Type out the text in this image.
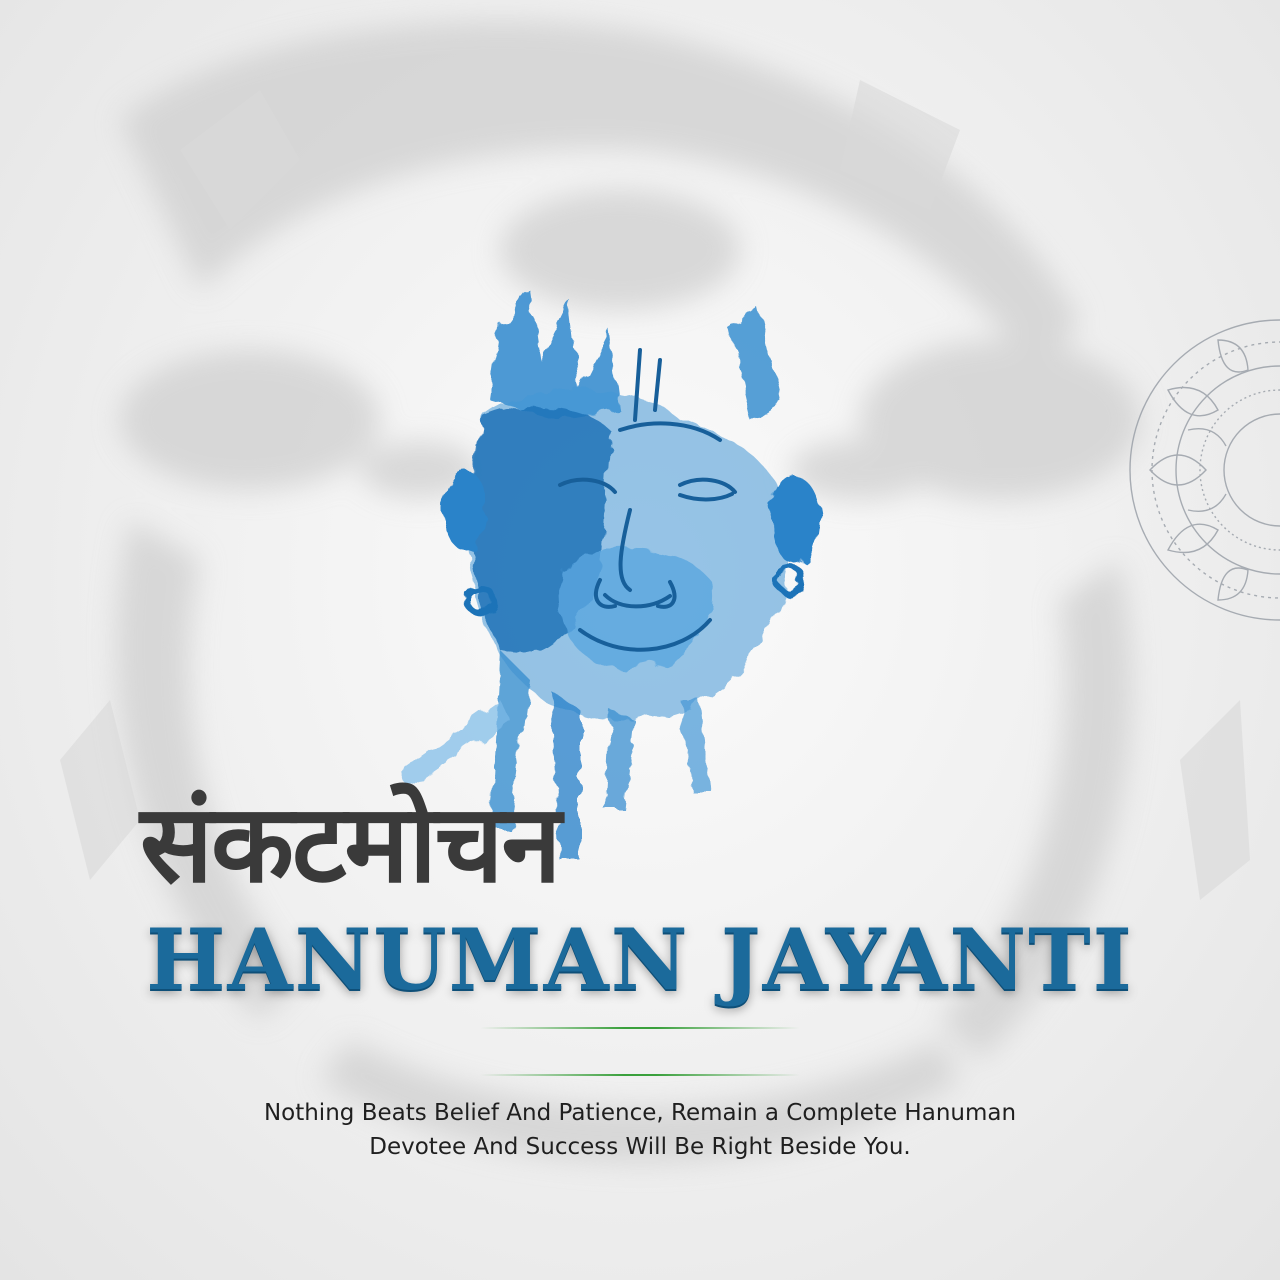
संकटमोचन
HANUMAN JAYANTI
Nothing Beats Belief And Patience, Remain a Complete Hanuman
Devotee And Success Will Be Right Beside You.
